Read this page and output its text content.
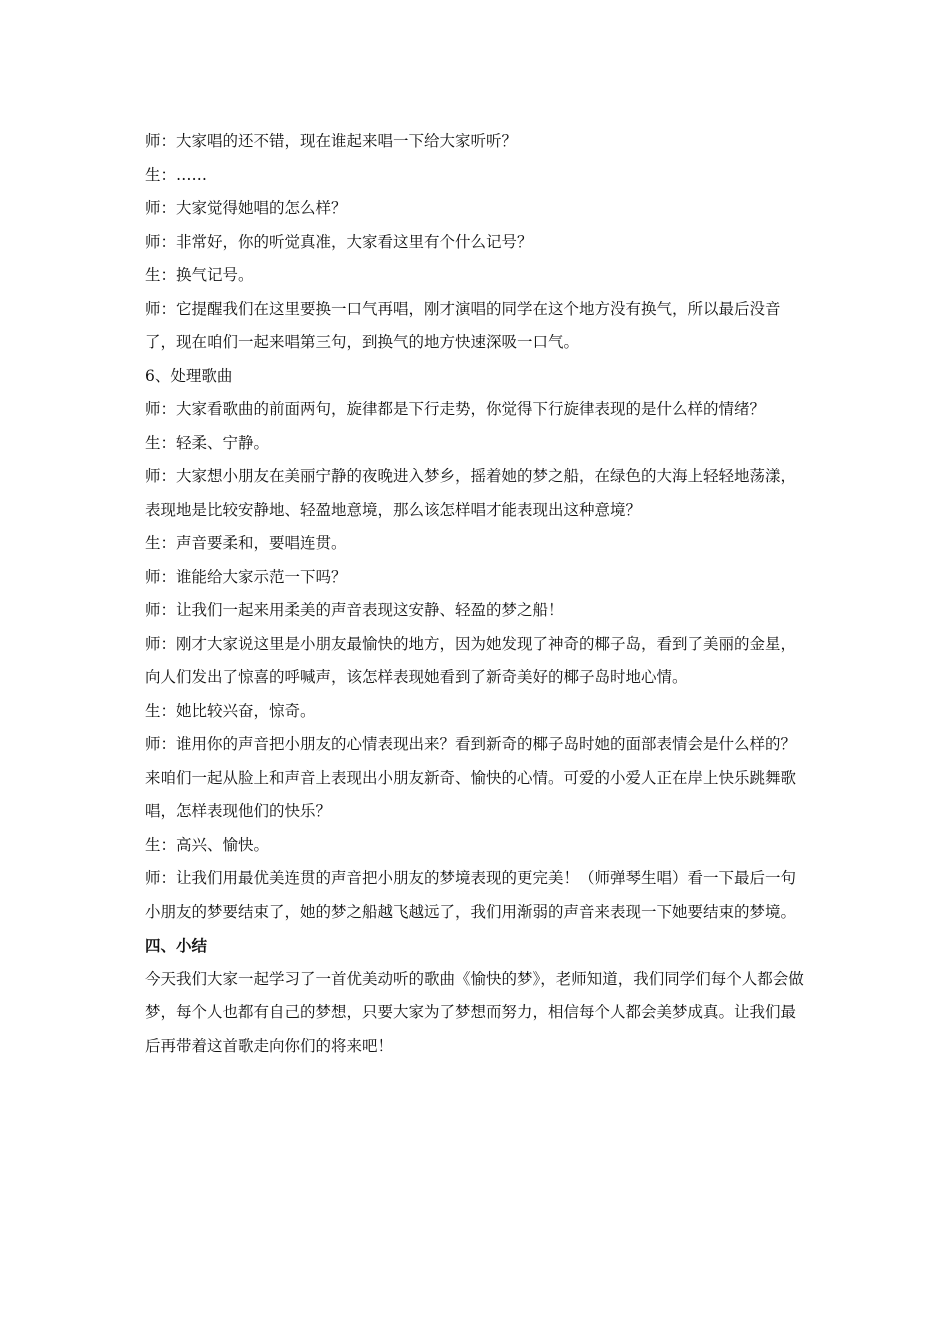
师：大家唱的还不错，现在谁起来唱一下给大家听听？

生：……

师：大家觉得她唱的怎么样？

师：非常好，你的听觉真准，大家看这里有个什么记号？

生：换气记号。

师：它提醒我们在这里要换一口气再唱，刚才演唱的同学在这个地方没有换气，所以最后没音了，现在咱们一起来唱第三句，到换气的地方快速深吸一口气。

6、处理歌曲

师：大家看歌曲的前面两句，旋律都是下行走势，你觉得下行旋律表现的是什么样的情绪？

生：轻柔、宁静。

师：大家想小朋友在美丽宁静的夜晚进入梦乡，摇着她的梦之船，在绿色的大海上轻轻地荡漾，表现地是比较安静地、轻盈地意境，那么该怎样唱才能表现出这种意境？

生：声音要柔和，要唱连贯。

师：谁能给大家示范一下吗？

师：让我们一起来用柔美的声音表现这安静、轻盈的梦之船！

师：刚才大家说这里是小朋友最愉快的地方，因为她发现了神奇的椰子岛，看到了美丽的金星，向人们发出了惊喜的呼喊声，该怎样表现她看到了新奇美好的椰子岛时地心情。

生：她比较兴奋，惊奇。

师：谁用你的声音把小朋友的心情表现出来？看到新奇的椰子岛时她的面部表情会是什么样的？来咱们一起从脸上和声音上表现出小朋友新奇、愉快的心情。可爱的小爱人正在岸上快乐跳舞歌唱，怎样表现他们的快乐？

生：高兴、愉快。

师：让我们用最优美连贯的声音把小朋友的梦境表现的更完美！（师弹琴生唱）看一下最后一句小朋友的梦要结束了，她的梦之船越飞越远了，我们用渐弱的声音来表现一下她要结束的梦境。

四、小结

今天我们大家一起学习了一首优美动听的歌曲《愉快的梦》，老师知道，我们同学们每个人都会做梦，每个人也都有自己的梦想，只要大家为了梦想而努力，相信每个人都会美梦成真。让我们最后再带着这首歌走向你们的将来吧！
